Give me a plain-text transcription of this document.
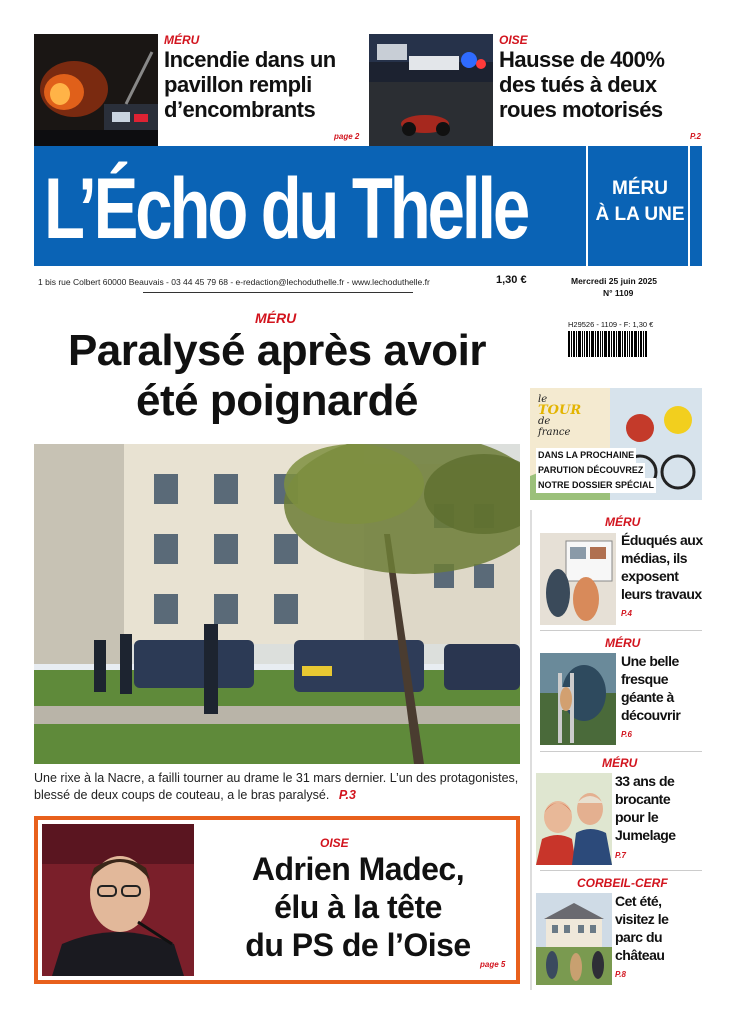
MÉRU
Incendie dans un
pavillon rempli
d’encombrants
page 2
OISE
Hausse de 400%
des tués à deux
roues motorisés
P.2
L’Écho du Thelle	MÉRU
À LA UNE
1 bis rue Colbert 60000 Beauvais - 03 44 45 79 68 - e-redaction@lechoduthelle.fr - www.lechoduthelle.fr	1,30 €	Mercredi 25 juin 2025
N° 1109
H29526 - 1109 - F: 1,30 €
MÉRU
Paralysé après avoir
été poignardé
Une rixe à la Nacre, a failli tourner au drame le 31 mars dernier. L’un des protagonistes, blessé de deux coups de couteau, a le bras paralysé. P.3
OISE
Adrien Madec,
élu à la tête
du PS de l’Oise
page 5
le
TOUR
de
france
DANS LA PROCHAINE
PARUTION DÉCOUVREZ
NOTRE DOSSIER SPÉCIAL
MÉRU
Éduqués aux
médias, ils
exposent
leurs travaux
P.4
MÉRU
Une belle
fresque
géante à
découvrir
P.6
MÉRU
33 ans de
brocante
pour le
Jumelage
P.7
CORBEIL-CERF
Cet été,
visitez le
parc du
château
P.8
